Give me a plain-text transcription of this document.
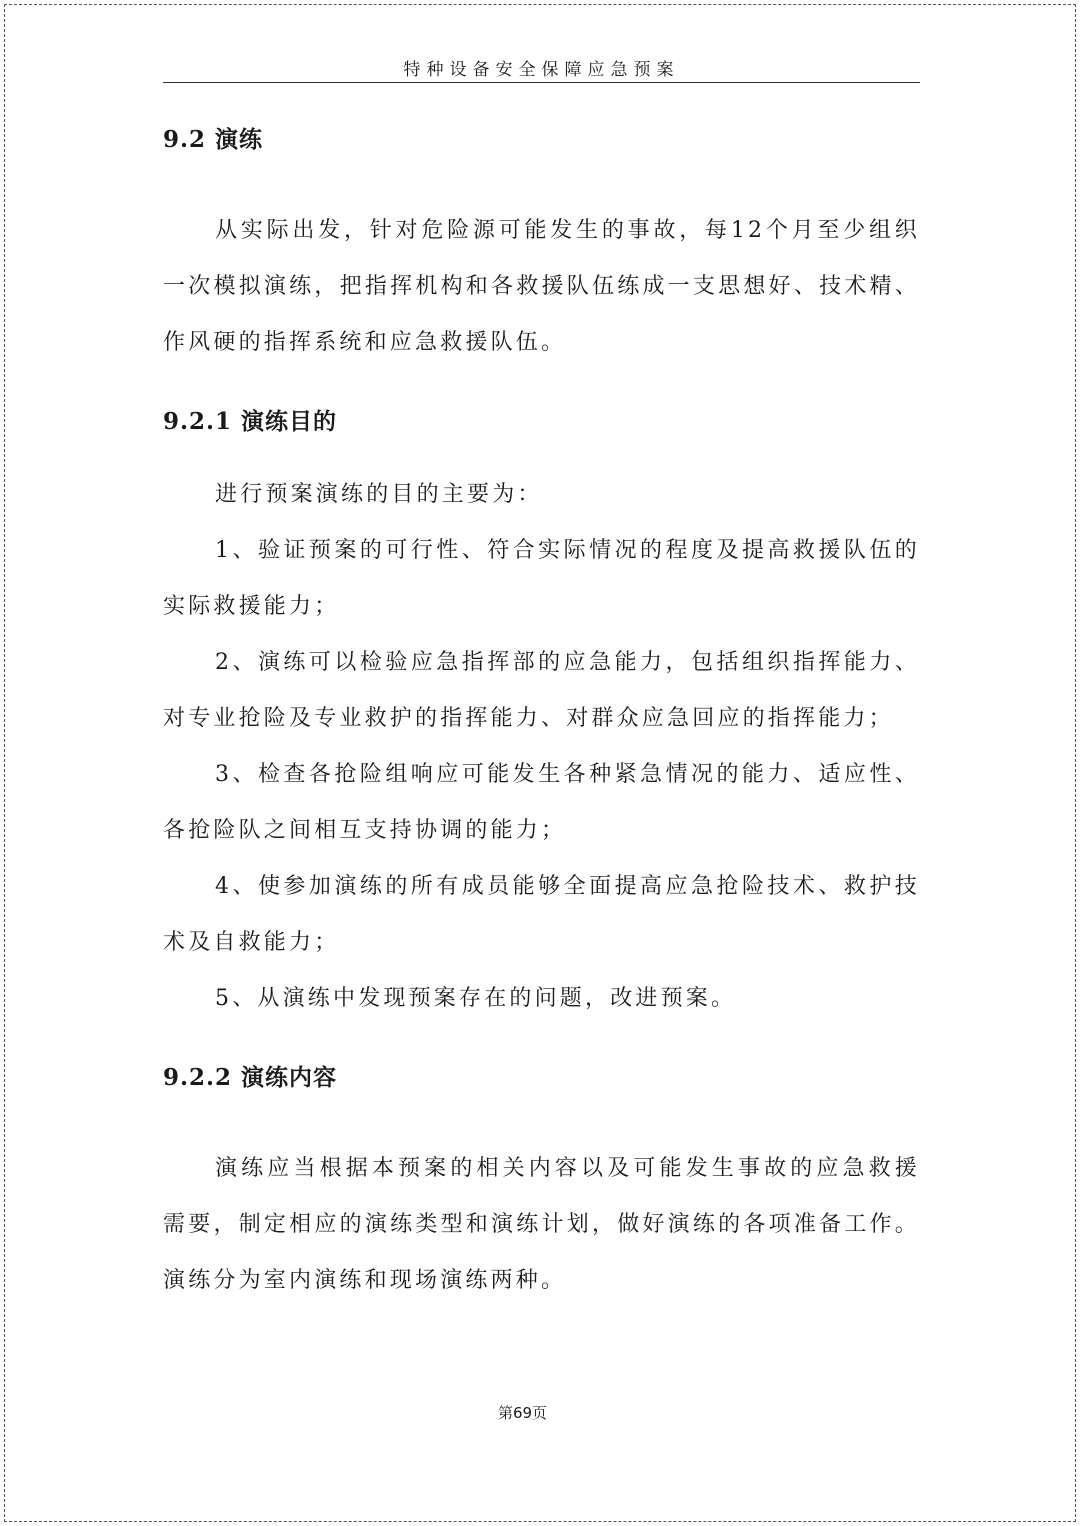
特种设备安全保障应急预案
9.2 演练

从实际出发，针对危险源可能发生的事故，每12个月至少组织一次模拟演练，把指挥机构和各救援队伍练成一支思想好、技术精、作风硬的指挥系统和应急救援队伍。

9.2.1 演练目的

进行预案演练的目的主要为：

1、验证预案的可行性、符合实际情况的程度及提高救援队伍的实际救援能力；

2、演练可以检验应急指挥部的应急能力，包括组织指挥能力、对专业抢险及专业救护的指挥能力、对群众应急回应的指挥能力；

3、检查各抢险组响应可能发生各种紧急情况的能力、适应性、各抢险队之间相互支持协调的能力；

4、使参加演练的所有成员能够全面提高应急抢险技术、救护技术及自救能力；

5、从演练中发现预案存在的问题，改进预案。

9.2.2 演练内容

演练应当根据本预案的相关内容以及可能发生事故的应急救援需要，制定相应的演练类型和演练计划，做好演练的各项准备工作。演练分为室内演练和现场演练两种。

第69页
